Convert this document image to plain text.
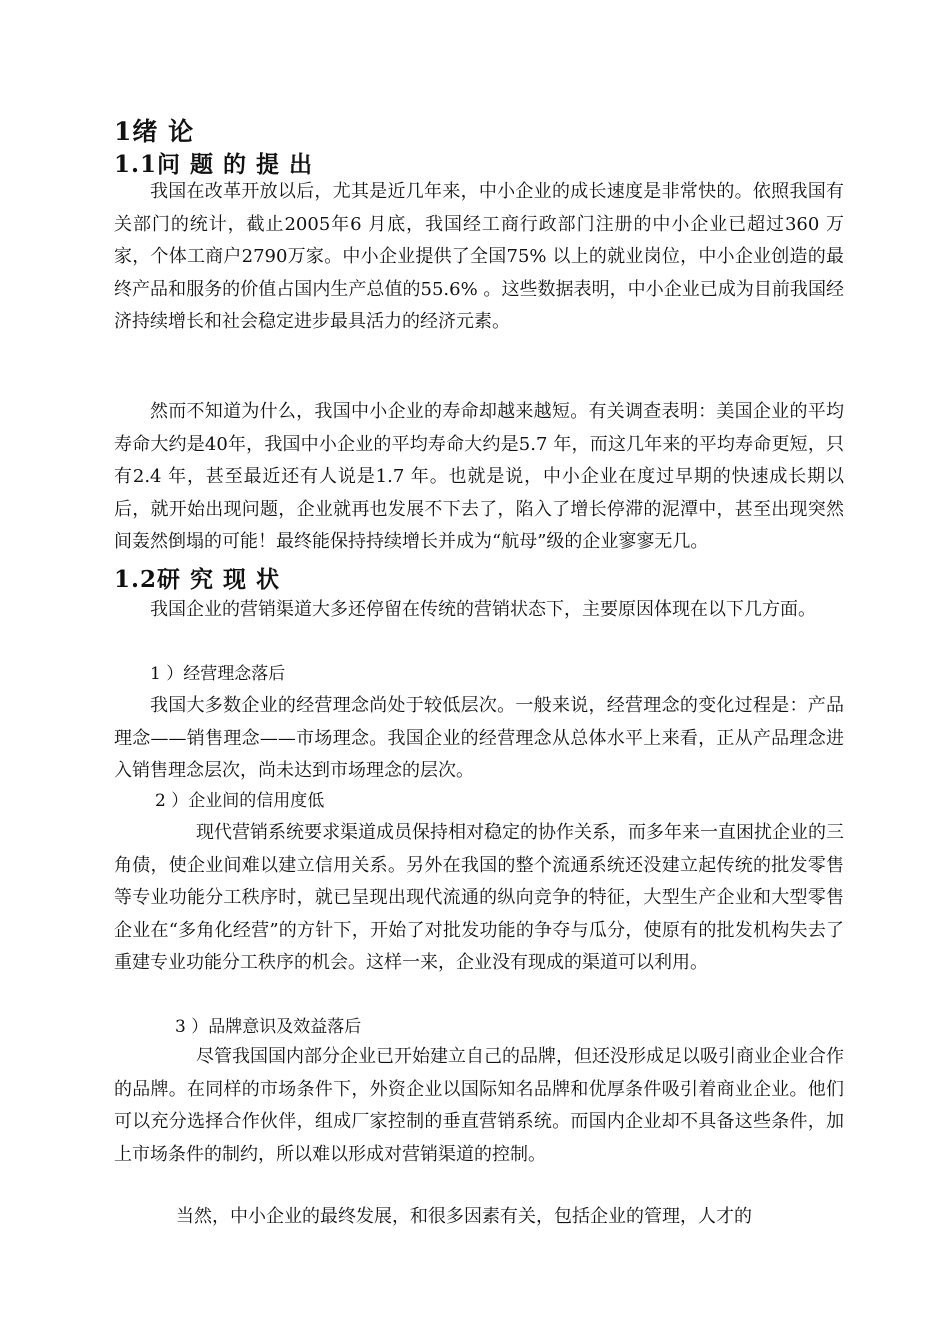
1绪 论
1.1问 题 的 提 出
我国在改革开放以后，尤其是近几年来，中小企业的成长速度是非常快的。依照我国有关部门的统计，截止2005年6 月底，我国经工商行政部门注册的中小企业已超过360 万家，个体工商户2790万家。中小企业提供了全国75% 以上的就业岗位，中小企业创造的最终产品和服务的价值占国内生产总值的55.6% 。这些数据表明，中小企业已成为目前我国经济持续增长和社会稳定进步最具活力的经济元素。
然而不知道为什么，我国中小企业的寿命却越来越短。有关调查表明：美国企业的平均寿命大约是40年，我国中小企业的平均寿命大约是5.7 年，而这几年来的平均寿命更短，只有2.4 年，甚至最近还有人说是1.7 年。也就是说，中小企业在度过早期的快速成长期以后，就开始出现问题，企业就再也发展不下去了，陷入了增长停滞的泥潭中，甚至出现突然间轰然倒塌的可能！最终能保持持续增长并成为“航母”级的企业寥寥无几。
1.2研 究 现 状
我国企业的营销渠道大多还停留在传统的营销状态下，主要原因体现在以下几方面。
1 ）经营理念落后
我国大多数企业的经营理念尚处于较低层次。一般来说，经营理念的变化过程是：产品理念——销售理念——市场理念。我国企业的经营理念从总体水平上来看，正从产品理念进入销售理念层次，尚未达到市场理念的层次。
2 ）企业间的信用度低
现代营销系统要求渠道成员保持相对稳定的协作关系，而多年来一直困扰企业的三角债，使企业间难以建立信用关系。另外在我国的整个流通系统还没建立起传统的批发零售等专业功能分工秩序时，就已呈现出现代流通的纵向竞争的特征，大型生产企业和大型零售企业在“多角化经营”的方针下，开始了对批发功能的争夺与瓜分，使原有的批发机构失去了重建专业功能分工秩序的机会。这样一来，企业没有现成的渠道可以利用。
3 ）品牌意识及效益落后
尽管我国国内部分企业已开始建立自己的品牌，但还没形成足以吸引商业企业合作的品牌。在同样的市场条件下，外资企业以国际知名品牌和优厚条件吸引着商业企业。他们可以充分选择合作伙伴，组成厂家控制的垂直营销系统。而国内企业却不具备这些条件，加上市场条件的制约，所以难以形成对营销渠道的控制。
当然，中小企业的最终发展，和很多因素有关，包括企业的管理，人才的
